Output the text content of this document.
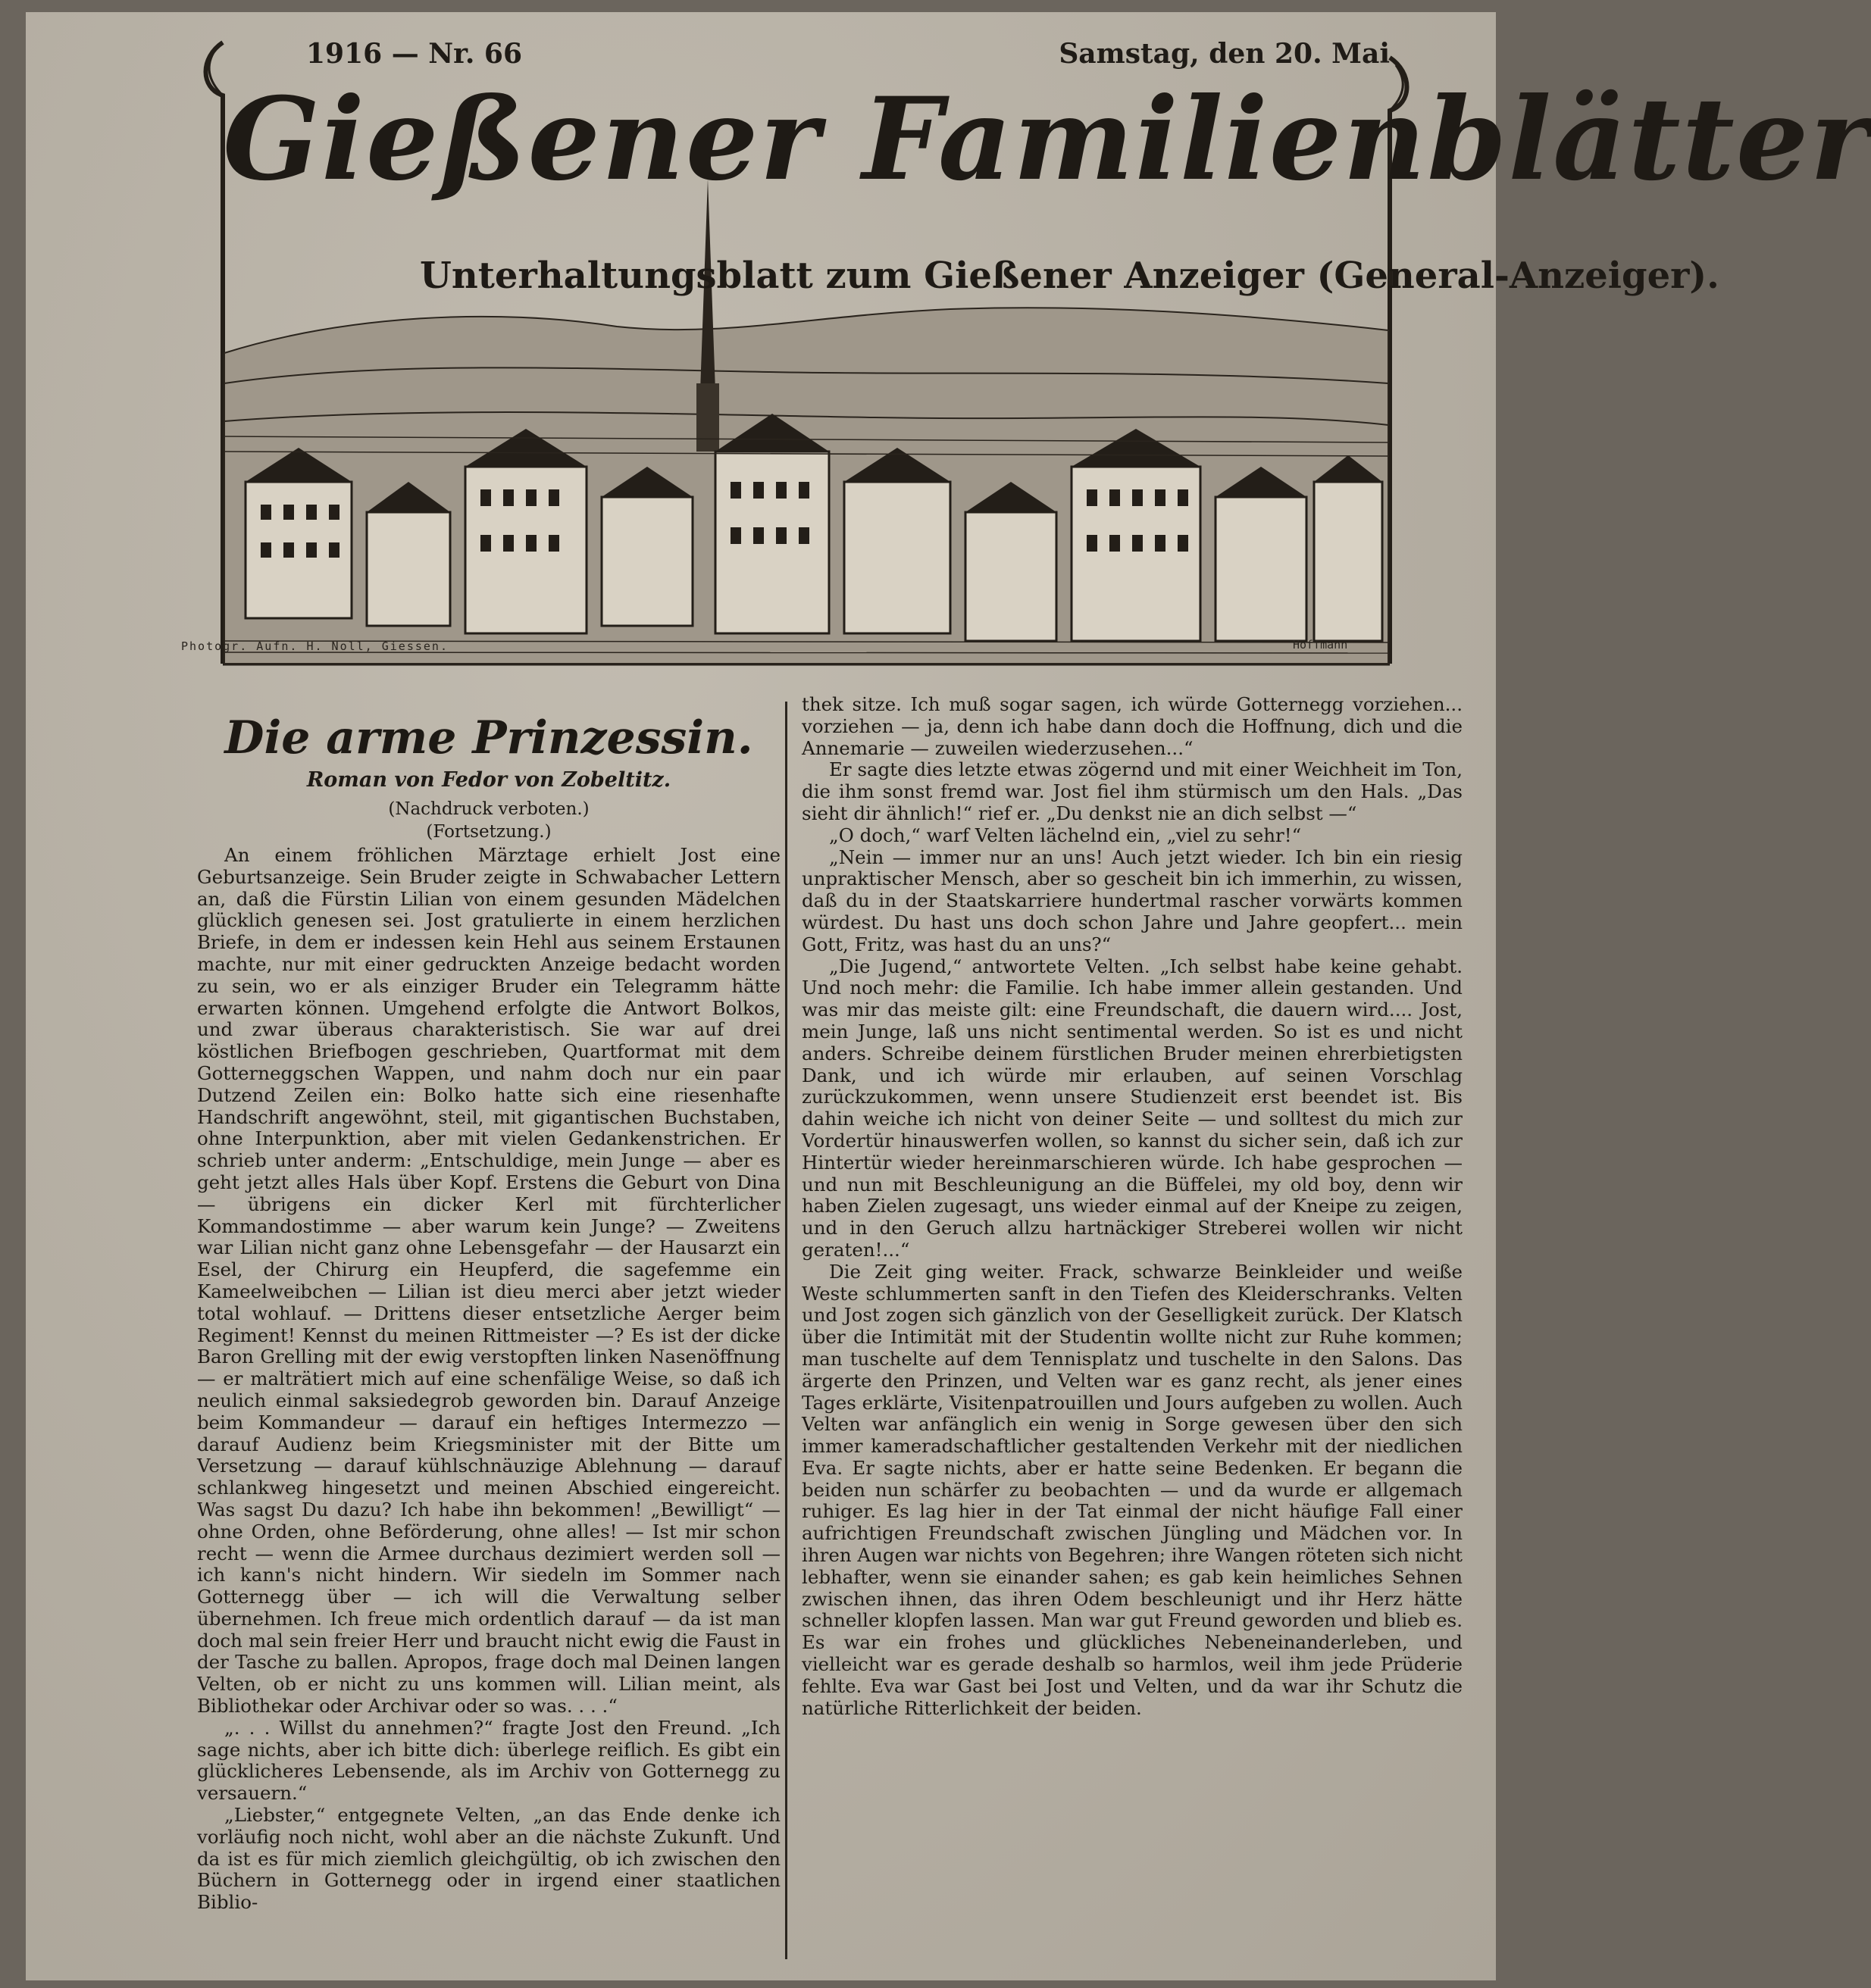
1916 — Nr. 66	Samstag, den 20. Mai
Gießener Familienblätter
Unterhaltungsblatt zum Gießener Anzeiger (General-Anzeiger).
Photogr. Aufn. H. Noll, Giessen.	Hoffmann
Die arme Prinzessin.
Roman von Fedor von Zobeltitz.
(Nachdruck verboten.)
(Fortsetzung.)

An einem fröhlichen Märztage erhielt Jost eine Geburtsanzeige. Sein Bruder zeigte in Schwabacher Lettern an, daß die Fürstin Lilian von einem gesunden Mädelchen glücklich genesen sei. Jost gratulierte in einem herzlichen Briefe, in dem er indessen kein Hehl aus seinem Erstaunen machte, nur mit einer gedruckten Anzeige bedacht worden zu sein, wo er als einziger Bruder ein Telegramm hätte erwarten können. Umgehend erfolgte die Antwort Bolkos, und zwar überaus charakteristisch. Sie war auf drei köstlichen Briefbogen geschrieben, Quartformat mit dem Gotterneggschen Wappen, und nahm doch nur ein paar Dutzend Zeilen ein: Bolko hatte sich eine riesenhafte Handschrift angewöhnt, steil, mit gigantischen Buchstaben, ohne Interpunktion, aber mit vielen Gedankenstrichen. Er schrieb unter anderm: „Entschuldige, mein Junge — aber es geht jetzt alles Hals über Kopf. Erstens die Geburt von Dina — übrigens ein dicker Kerl mit fürchterlicher Kommandostimme — aber warum kein Junge? — Zweitens war Lilian nicht ganz ohne Lebensgefahr — der Hausarzt ein Esel, der Chirurg ein Heupferd, die sagefemme ein Kameelweibchen — Lilian ist dieu merci aber jetzt wieder total wohlauf. — Drittens dieser entsetzliche Aerger beim Regiment! Kennst du meinen Rittmeister —? Es ist der dicke Baron Grelling mit der ewig verstopften linken Nasenöffnung — er malträtiert mich auf eine schenfälige Weise, so daß ich neulich einmal saksiedegrob geworden bin. Darauf Anzeige beim Kommandeur — darauf ein heftiges Intermezzo — darauf Audienz beim Kriegsminister mit der Bitte um Versetzung — darauf kühlschnäuzige Ablehnung — darauf schlankweg hingesetzt und meinen Abschied eingereicht. Was sagst Du dazu? Ich habe ihn bekommen! „Bewilligt“ — ohne Orden, ohne Beförderung, ohne alles! — Ist mir schon recht — wenn die Armee durchaus dezimiert werden soll — ich kann's nicht hindern. Wir siedeln im Sommer nach Gotternegg über — ich will die Verwaltung selber übernehmen. Ich freue mich ordentlich darauf — da ist man doch mal sein freier Herr und braucht nicht ewig die Faust in der Tasche zu ballen. Apropos, frage doch mal Deinen langen Velten, ob er nicht zu uns kommen will. Lilian meint, als Bibliothekar oder Archivar oder so was. . . .“

„. . . Willst du annehmen?“ fragte Jost den Freund. „Ich sage nichts, aber ich bitte dich: überlege reiflich. Es gibt ein glücklicheres Lebensende, als im Archiv von Gotternegg zu versauern.“

„Liebster,“ entgegnete Velten, „an das Ende denke ich vorläufig noch nicht, wohl aber an die nächste Zukunft. Und da ist es für mich ziemlich gleichgültig, ob ich zwischen den Büchern in Gotternegg oder in irgend einer staatlichen Biblio-

thek sitze. Ich muß sogar sagen, ich würde Gotternegg vorziehen... vorziehen — ja, denn ich habe dann doch die Hoffnung, dich und die Annemarie — zuweilen wiederzusehen...“

Er sagte dies letzte etwas zögernd und mit einer Weichheit im Ton, die ihm sonst fremd war. Jost fiel ihm stürmisch um den Hals. „Das sieht dir ähnlich!“ rief er. „Du denkst nie an dich selbst —“

„O doch,“ warf Velten lächelnd ein, „viel zu sehr!“

„Nein — immer nur an uns! Auch jetzt wieder. Ich bin ein riesig unpraktischer Mensch, aber so gescheit bin ich immerhin, zu wissen, daß du in der Staatskarriere hundertmal rascher vorwärts kommen würdest. Du hast uns doch schon Jahre und Jahre geopfert... mein Gott, Fritz, was hast du an uns?“

„Die Jugend,“ antwortete Velten. „Ich selbst habe keine gehabt. Und noch mehr: die Familie. Ich habe immer allein gestanden. Und was mir das meiste gilt: eine Freundschaft, die dauern wird.... Jost, mein Junge, laß uns nicht sentimental werden. So ist es und nicht anders. Schreibe deinem fürstlichen Bruder meinen ehrerbietigsten Dank, und ich würde mir erlauben, auf seinen Vorschlag zurückzukommen, wenn unsere Studienzeit erst beendet ist. Bis dahin weiche ich nicht von deiner Seite — und solltest du mich zur Vordertür hinauswerfen wollen, so kannst du sicher sein, daß ich zur Hintertür wieder hereinmarschieren würde. Ich habe gesprochen — und nun mit Beschleunigung an die Büffelei, my old boy, denn wir haben Zielen zugesagt, uns wieder einmal auf der Kneipe zu zeigen, und in den Geruch allzu hartnäckiger Streberei wollen wir nicht geraten!...“

Die Zeit ging weiter. Frack, schwarze Beinkleider und weiße Weste schlummerten sanft in den Tiefen des Kleiderschranks. Velten und Jost zogen sich gänzlich von der Geselligkeit zurück. Der Klatsch über die Intimität mit der Studentin wollte nicht zur Ruhe kommen; man tuschelte auf dem Tennisplatz und tuschelte in den Salons. Das ärgerte den Prinzen, und Velten war es ganz recht, als jener eines Tages erklärte, Visitenpatrouillen und Jours aufgeben zu wollen. Auch Velten war anfänglich ein wenig in Sorge gewesen über den sich immer kameradschaftlicher gestaltenden Verkehr mit der niedlichen Eva. Er sagte nichts, aber er hatte seine Bedenken. Er begann die beiden nun schärfer zu beobachten — und da wurde er allgemach ruhiger. Es lag hier in der Tat einmal der nicht häufige Fall einer aufrichtigen Freundschaft zwischen Jüngling und Mädchen vor. In ihren Augen war nichts von Begehren; ihre Wangen röteten sich nicht lebhafter, wenn sie einander sahen; es gab kein heimliches Sehnen zwischen ihnen, das ihren Odem beschleunigt und ihr Herz hätte schneller klopfen lassen. Man war gut Freund geworden und blieb es. Es war ein frohes und glückliches Nebeneinanderleben, und vielleicht war es gerade deshalb so harmlos, weil ihm jede Prüderie fehlte. Eva war Gast bei Jost und Velten, und da war ihr Schutz die natürliche Ritterlichkeit der beiden.
